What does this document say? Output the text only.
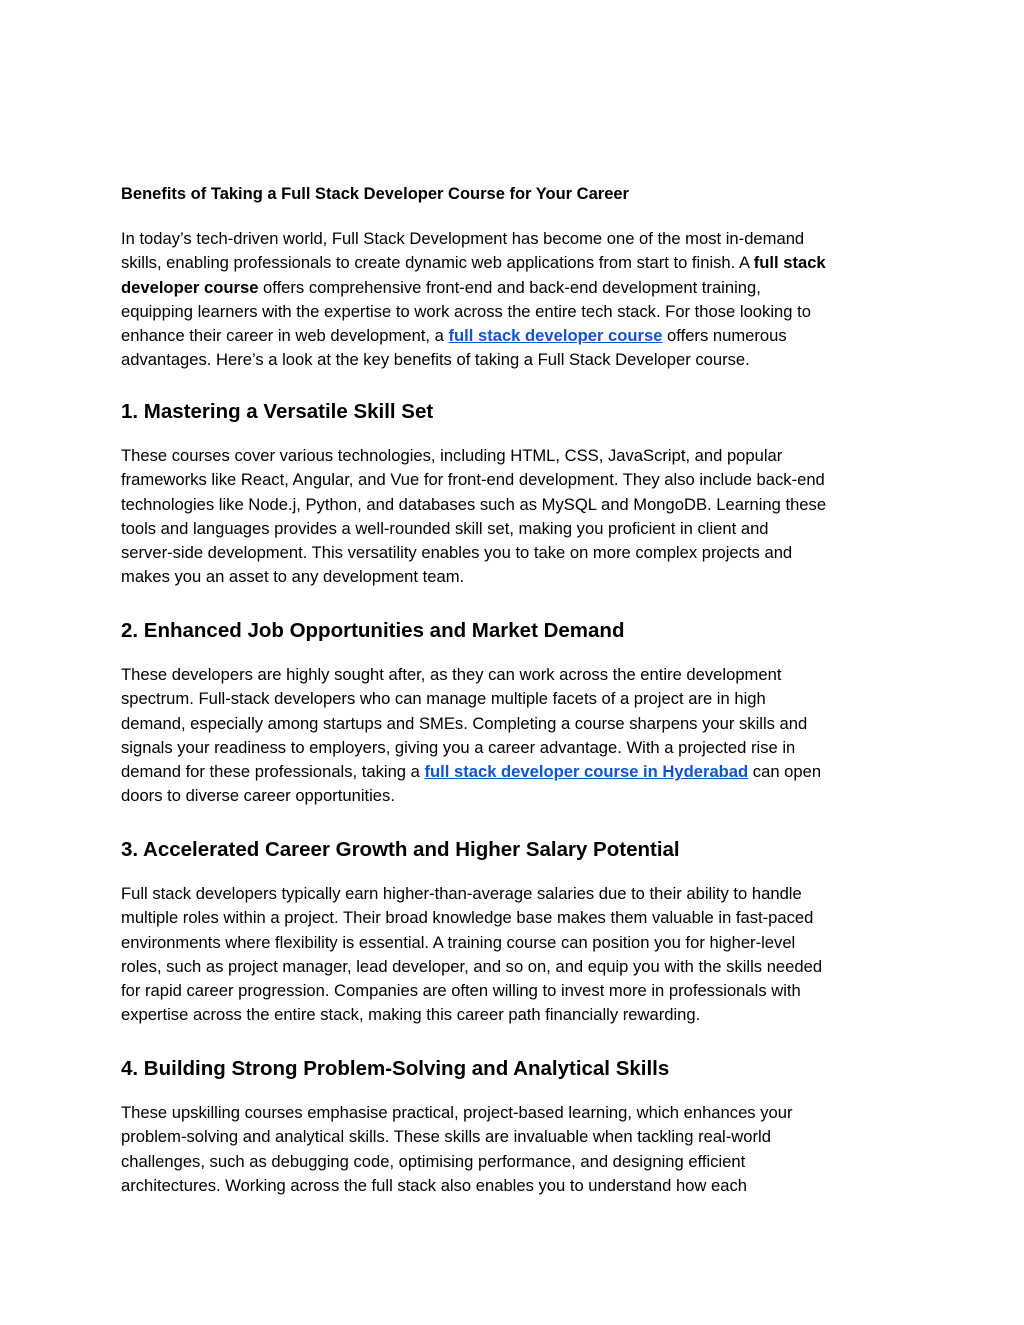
Benefits of Taking a Full Stack Developer Course for Your Career
In today’s tech-driven world, Full Stack Development has become one of the most in-demand
skills, enabling professionals to create dynamic web applications from start to finish. A full stack
developer course offers comprehensive front-end and back-end development training,
equipping learners with the expertise to work across the entire tech stack. For those looking to
enhance their career in web development, a full stack developer course offers numerous
advantages. Here’s a look at the key benefits of taking a Full Stack Developer course.
1. Mastering a Versatile Skill Set
These courses cover various technologies, including HTML, CSS, JavaScript, and popular
frameworks like React, Angular, and Vue for front-end development. They also include back-end
technologies like Node.j, Python, and databases such as MySQL and MongoDB. Learning these
tools and languages provides a well-rounded skill set, making you proficient in client and
server-side development. This versatility enables you to take on more complex projects and
makes you an asset to any development team.
2. Enhanced Job Opportunities and Market Demand
These developers are highly sought after, as they can work across the entire development
spectrum. Full-stack developers who can manage multiple facets of a project are in high
demand, especially among startups and SMEs. Completing a course sharpens your skills and
signals your readiness to employers, giving you a career advantage. With a projected rise in
demand for these professionals, taking a full stack developer course in Hyderabad can open
doors to diverse career opportunities.
3. Accelerated Career Growth and Higher Salary Potential
Full stack developers typically earn higher-than-average salaries due to their ability to handle
multiple roles within a project. Their broad knowledge base makes them valuable in fast-paced
environments where flexibility is essential. A training course can position you for higher-level
roles, such as project manager, lead developer, and so on, and equip you with the skills needed
for rapid career progression. Companies are often willing to invest more in professionals with
expertise across the entire stack, making this career path financially rewarding.
4. Building Strong Problem-Solving and Analytical Skills
These upskilling courses emphasise practical, project-based learning, which enhances your
problem-solving and analytical skills. These skills are invaluable when tackling real-world
challenges, such as debugging code, optimising performance, and designing efficient
architectures. Working across the full stack also enables you to understand how each
